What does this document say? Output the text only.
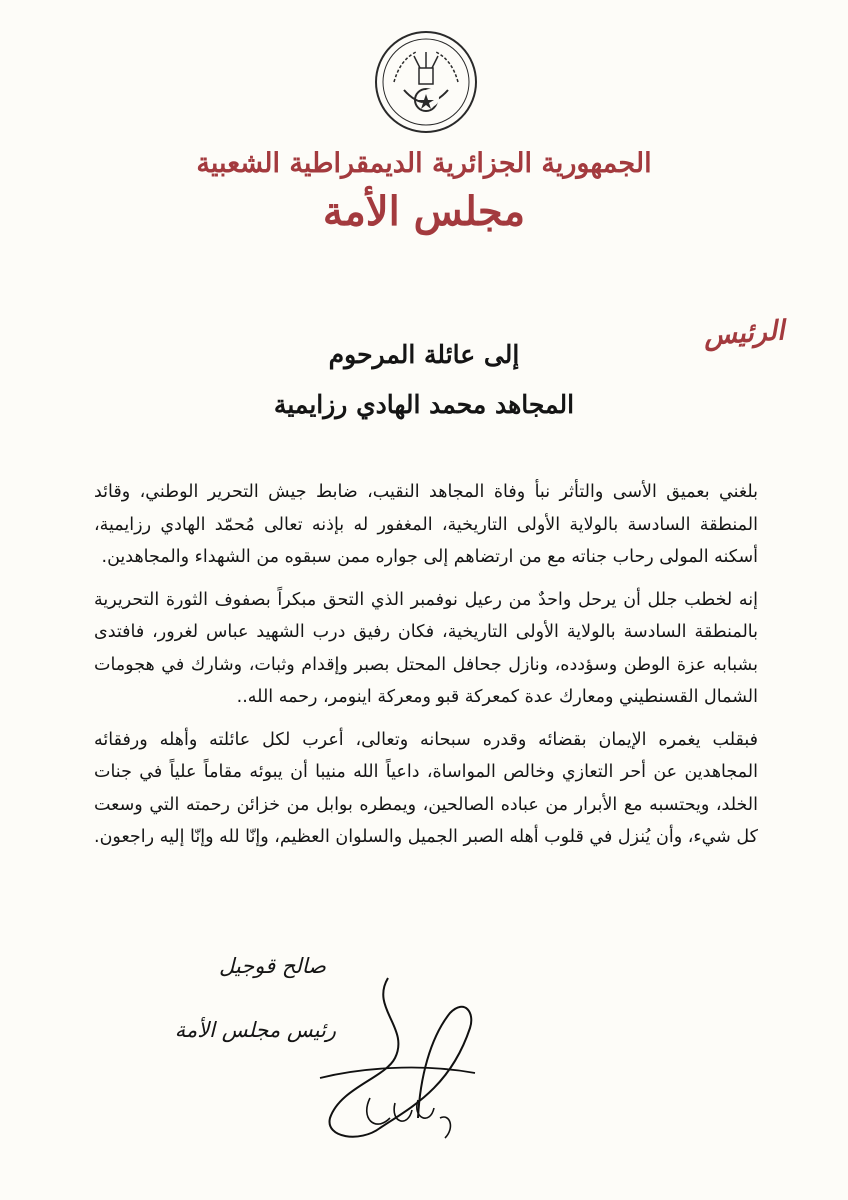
الجمهورية الجزائرية الديمقراطية الشعبية
مجلس الأمة
الرئيس
إلى عائلة المرحوم
المجاهد محمد الهادي رزايمية

بلغني بعميق الأسى والتأثر نبأ وفاة المجاهد النقيب، ضابط جيش التحرير الوطني، وقائد المنطقة السادسة بالولاية الأولى التاريخية، المغفور له بإذنه تعالى مُحمّد الهادي رزايمية، أسكنه المولى رحاب جناته مع من ارتضاهم إلى جواره ممن سبقوه من الشهداء والمجاهدين.

إنه لخطب جلل أن يرحل واحدٌ من رعيل نوفمبر الذي التحق مبكراً بصفوف الثورة التحريرية بالمنطقة السادسة بالولاية الأولى التاريخية، فكان رفيق درب الشهيد عباس لغرور، فافتدى بشبابه عزة الوطن وسؤدده، ونازل جحافل المحتل بصبر وإقدام وثبات، وشارك في هجومات الشمال القسنطيني ومعارك عدة كمعركة قبو ومعركة اينومر، رحمه الله..

فبقلب يغمره الإيمان بقضائه وقدره سبحانه وتعالى، أعرب لكل عائلته وأهله ورفقائه المجاهدين عن أحر التعازي وخالص المواساة، داعياً الله منيبا أن يبوئه مقاماً علياً في جنات الخلد، ويحتسبه مع الأبرار من عباده الصالحين، ويمطره بوابل من خزائن رحمته التي وسعت كل شيء، وأن يُنزل في قلوب أهله الصبر الجميل والسلوان العظيم، وإنّا لله وإنّا إليه راجعون.

صالح قوجيل
رئيس مجلس الأمة
